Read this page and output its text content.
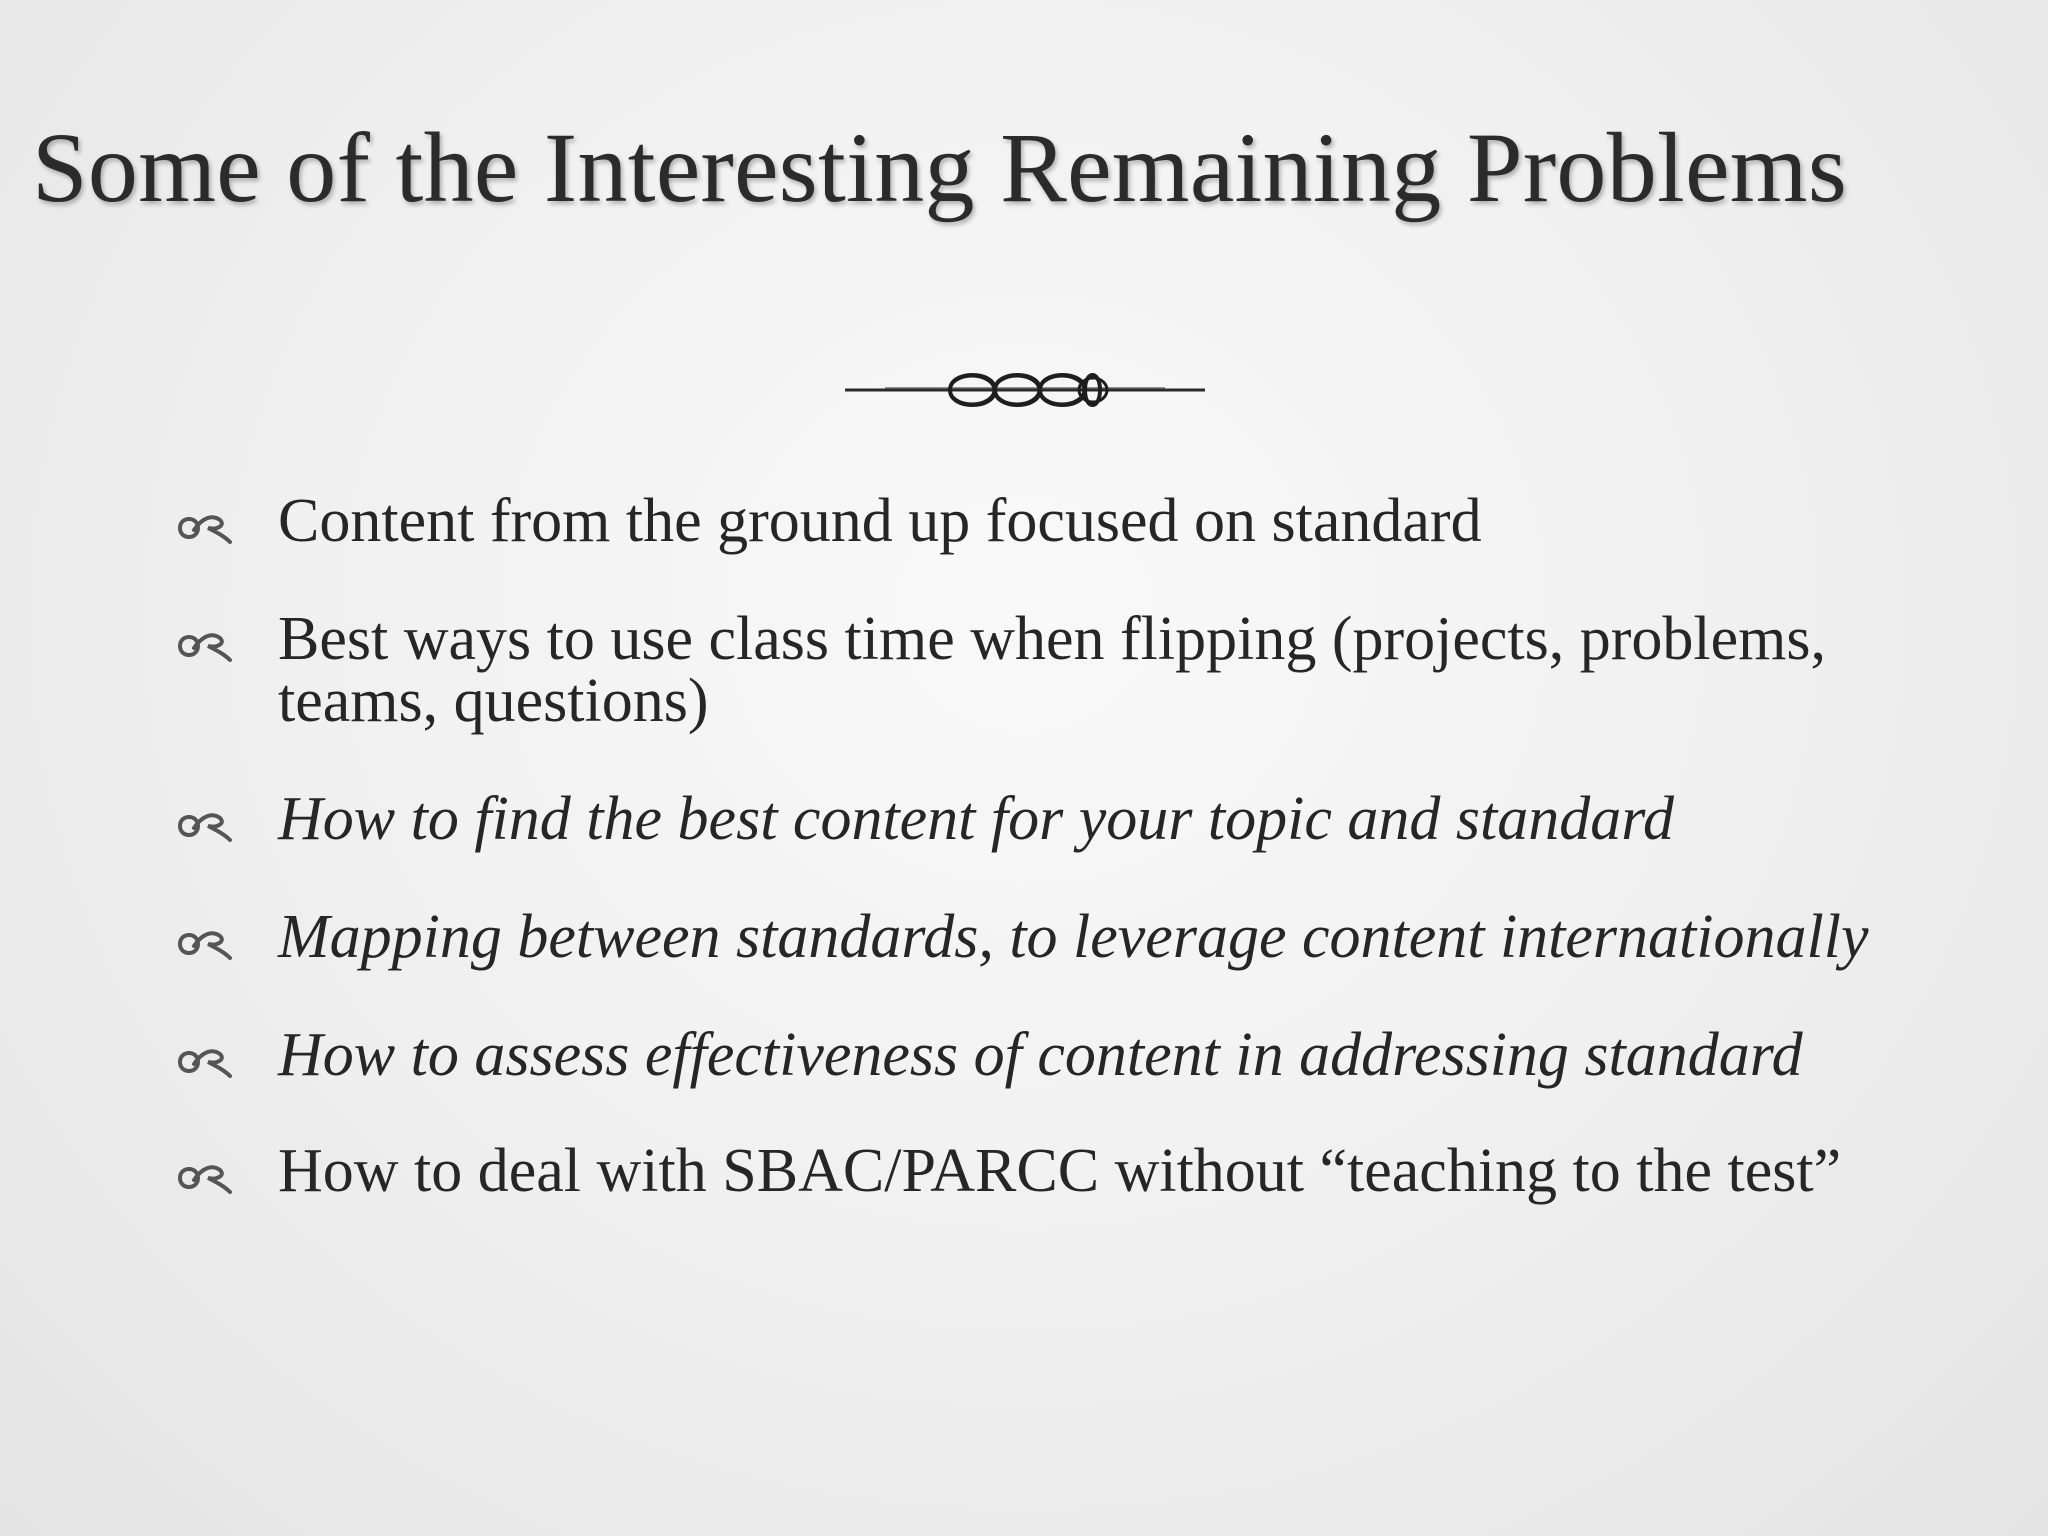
Some of the Interesting Remaining Problems
Content from the ground up focused on standard
Best ways to use class time when flipping (projects, problems, teams, questions)
How to find the best content for your topic and standard
Mapping between standards, to leverage content internationally
How to assess effectiveness of content in addressing standard
How to deal with SBAC/PARCC without “teaching to the test”
